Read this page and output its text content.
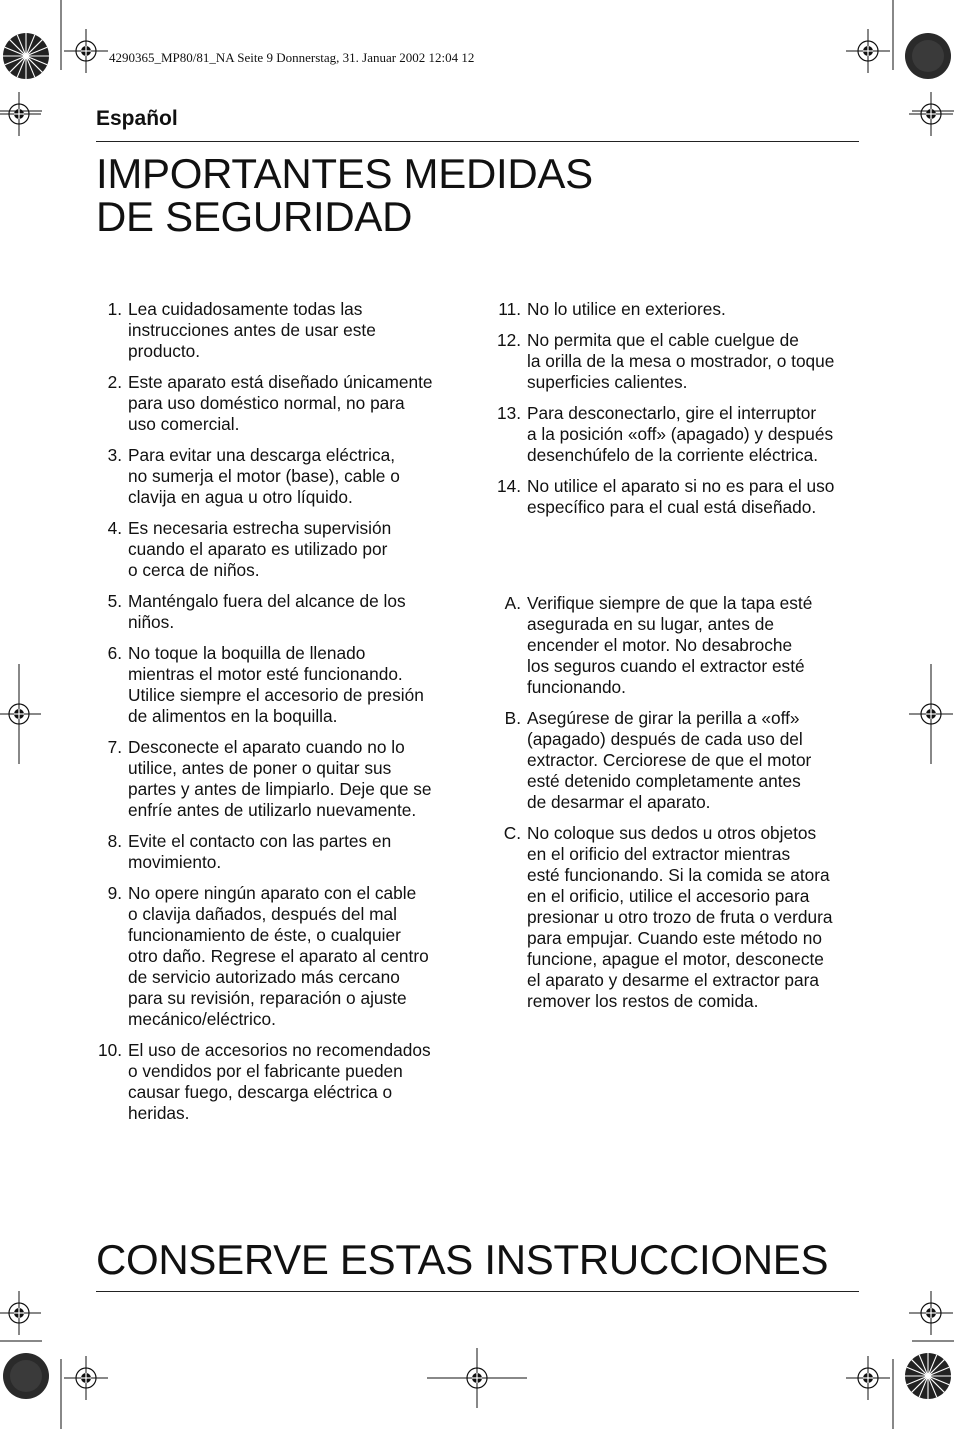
4290365_MP80/81_NA Seite 9 Donnerstag, 31. Januar 2002 12:04 12
Español
IMPORTANTES MEDIDAS
DE SEGURIDAD
1. Lea cuidadosamente todas las
instrucciones antes de usar este
producto.
2. Este aparato está diseñado únicamente
para uso doméstico normal, no para
uso comercial.
3. Para evitar una descarga eléctrica,
no sumerja el motor (base), cable o
clavija en agua u otro líquido.
4. Es necesaria estrecha supervisión
cuando el aparato es utilizado por
o cerca de niños.
5. Manténgalo fuera del alcance de los
niños.
6. No toque la boquilla de llenado
mientras el motor esté funcionando.
Utilice siempre el accesorio de presión
de alimentos en la boquilla.
7. Desconecte el aparato cuando no lo
utilice, antes de poner o quitar sus
partes y antes de limpiarlo. Deje que se
enfríe antes de utilizarlo nuevamente.
8. Evite el contacto con las partes en
movimiento.
9. No opere ningún aparato con el cable
o clavija dañados, después del mal
funcionamiento de éste, o cualquier
otro daño. Regrese el aparato al centro
de servicio autorizado más cercano
para su revisión, reparación o ajuste
mecánico/eléctrico.
10. El uso de accesorios no recomendados
o vendidos por el fabricante pueden
causar fuego, descarga eléctrica o
heridas.
11. No lo utilice en exteriores.
12. No permita que el cable cuelgue de
la orilla de la mesa o mostrador, o toque
superficies calientes.
13. Para desconectarlo, gire el interruptor
a la posición «off» (apagado) y después
desenchúfelo de la corriente eléctrica.
14. No utilice el aparato si no es para el uso
específico para el cual está diseñado.
A. Verifique siempre de que la tapa esté
asegurada en su lugar, antes de
encender el motor. No desabroche
los seguros cuando el extractor esté
funcionando.
B. Asegúrese de girar la perilla a «off»
(apagado) después de cada uso del
extractor. Cerciorese de que el motor
esté detenido completamente antes
de desarmar el aparato.
C. No coloque sus dedos u otros objetos
en el orificio del extractor mientras
esté funcionando. Si la comida se atora
en el orificio, utilice el accesorio para
presionar u otro trozo de fruta o verdura
para empujar. Cuando este método no
funcione, apague el motor, desconecte
el aparato y desarme el extractor para
remover los restos de comida.
CONSERVE ESTAS INSTRUCCIONES
